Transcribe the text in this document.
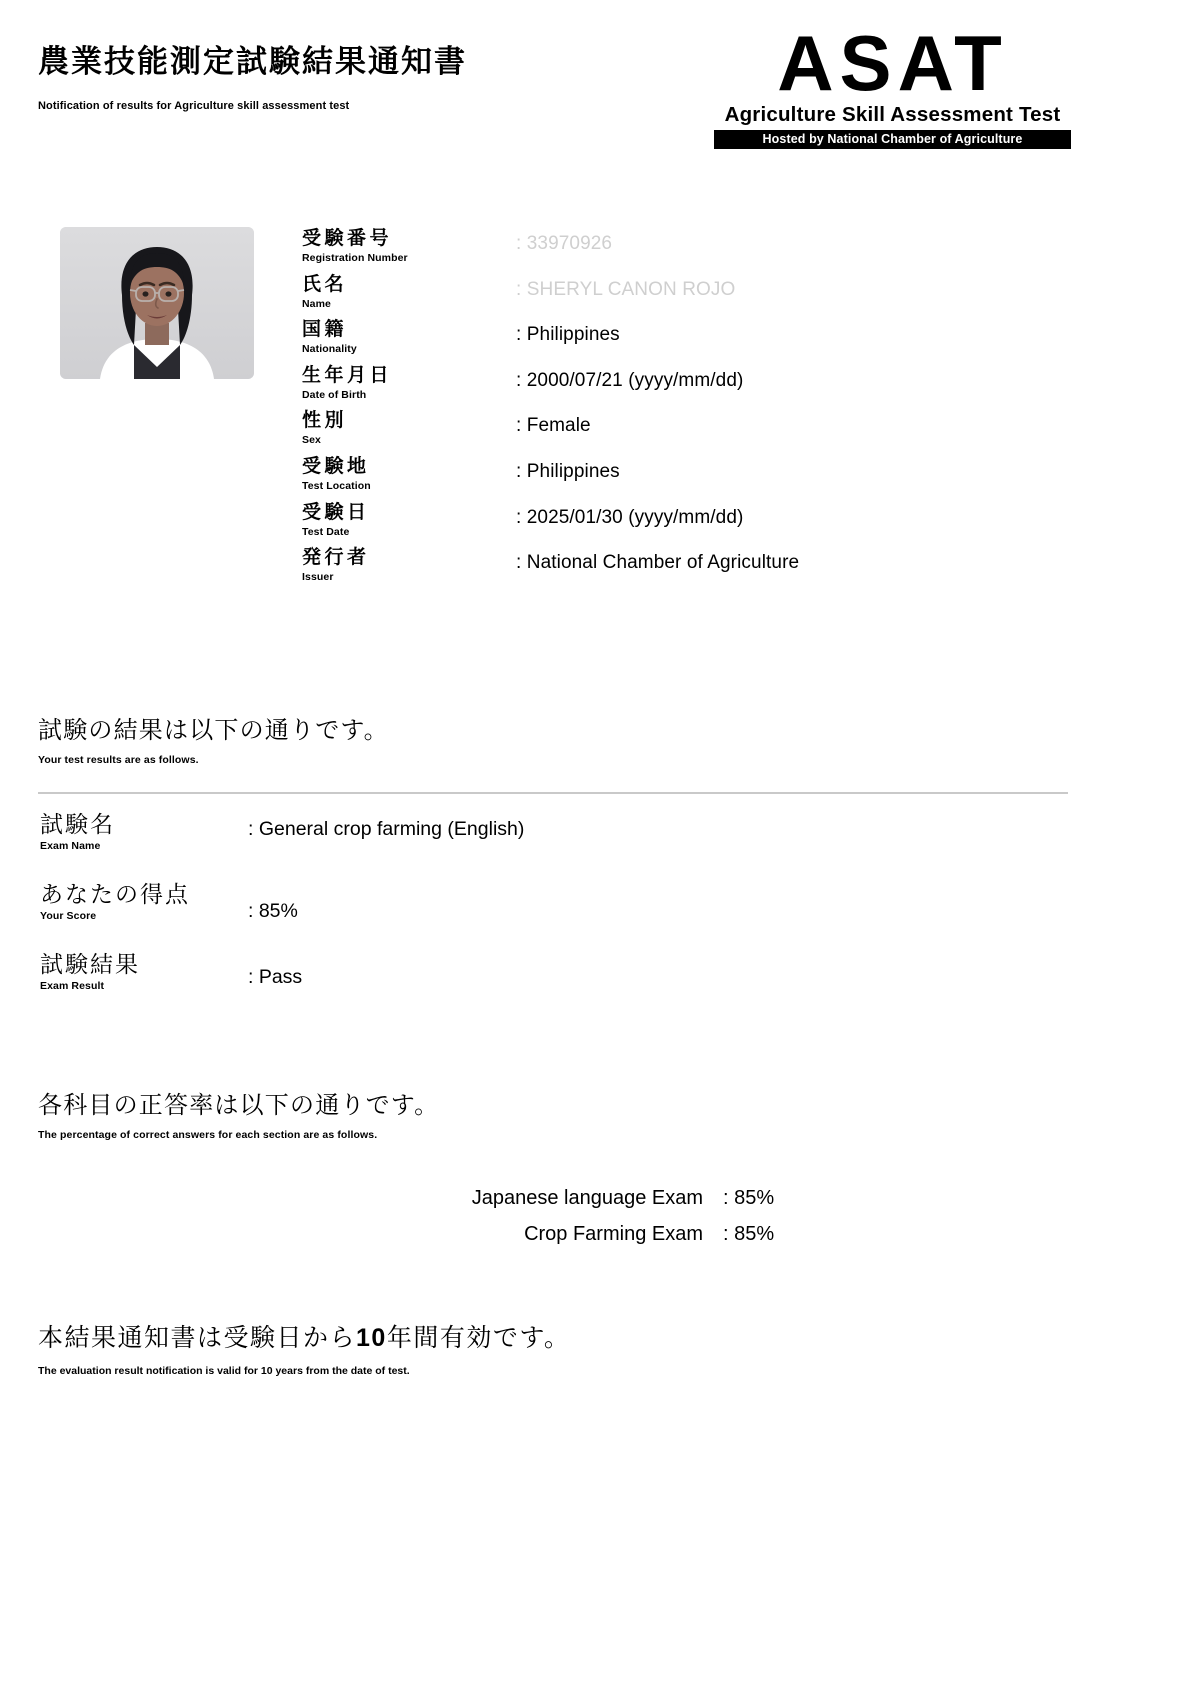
農業技能測定試験結果通知書
Notification of results for Agriculture skill assessment test	ASAT
Agriculture Skill Assessment Test
Hosted by National Chamber of Agriculture
受験番号
Registration Number
: 33970926
氏名
Name
: SHERYL CANON ROJO
国籍
Nationality
: Philippines
生年月日
Date of Birth
: 2000/07/21 (yyyy/mm/dd)
性別
Sex
: Female
受験地
Test Location
: Philippines
受験日
Test Date
: 2025/01/30 (yyyy/mm/dd)
発行者
Issuer
: National Chamber of Agriculture
試験の結果は以下の通りです。
Your test results are as follows.
試験名
Exam Name
: General crop farming (English)
あなたの得点
Your Score	: 85%
試験結果
Exam Result	: Pass
各科目の正答率は以下の通りです。
The percentage of correct answers for each section are as follows.
Japanese language Exam : 85%
Crop Farming Exam : 85%
本結果通知書は受験日から10年間有効です。
The evaluation result notification is valid for 10 years from the date of test.
